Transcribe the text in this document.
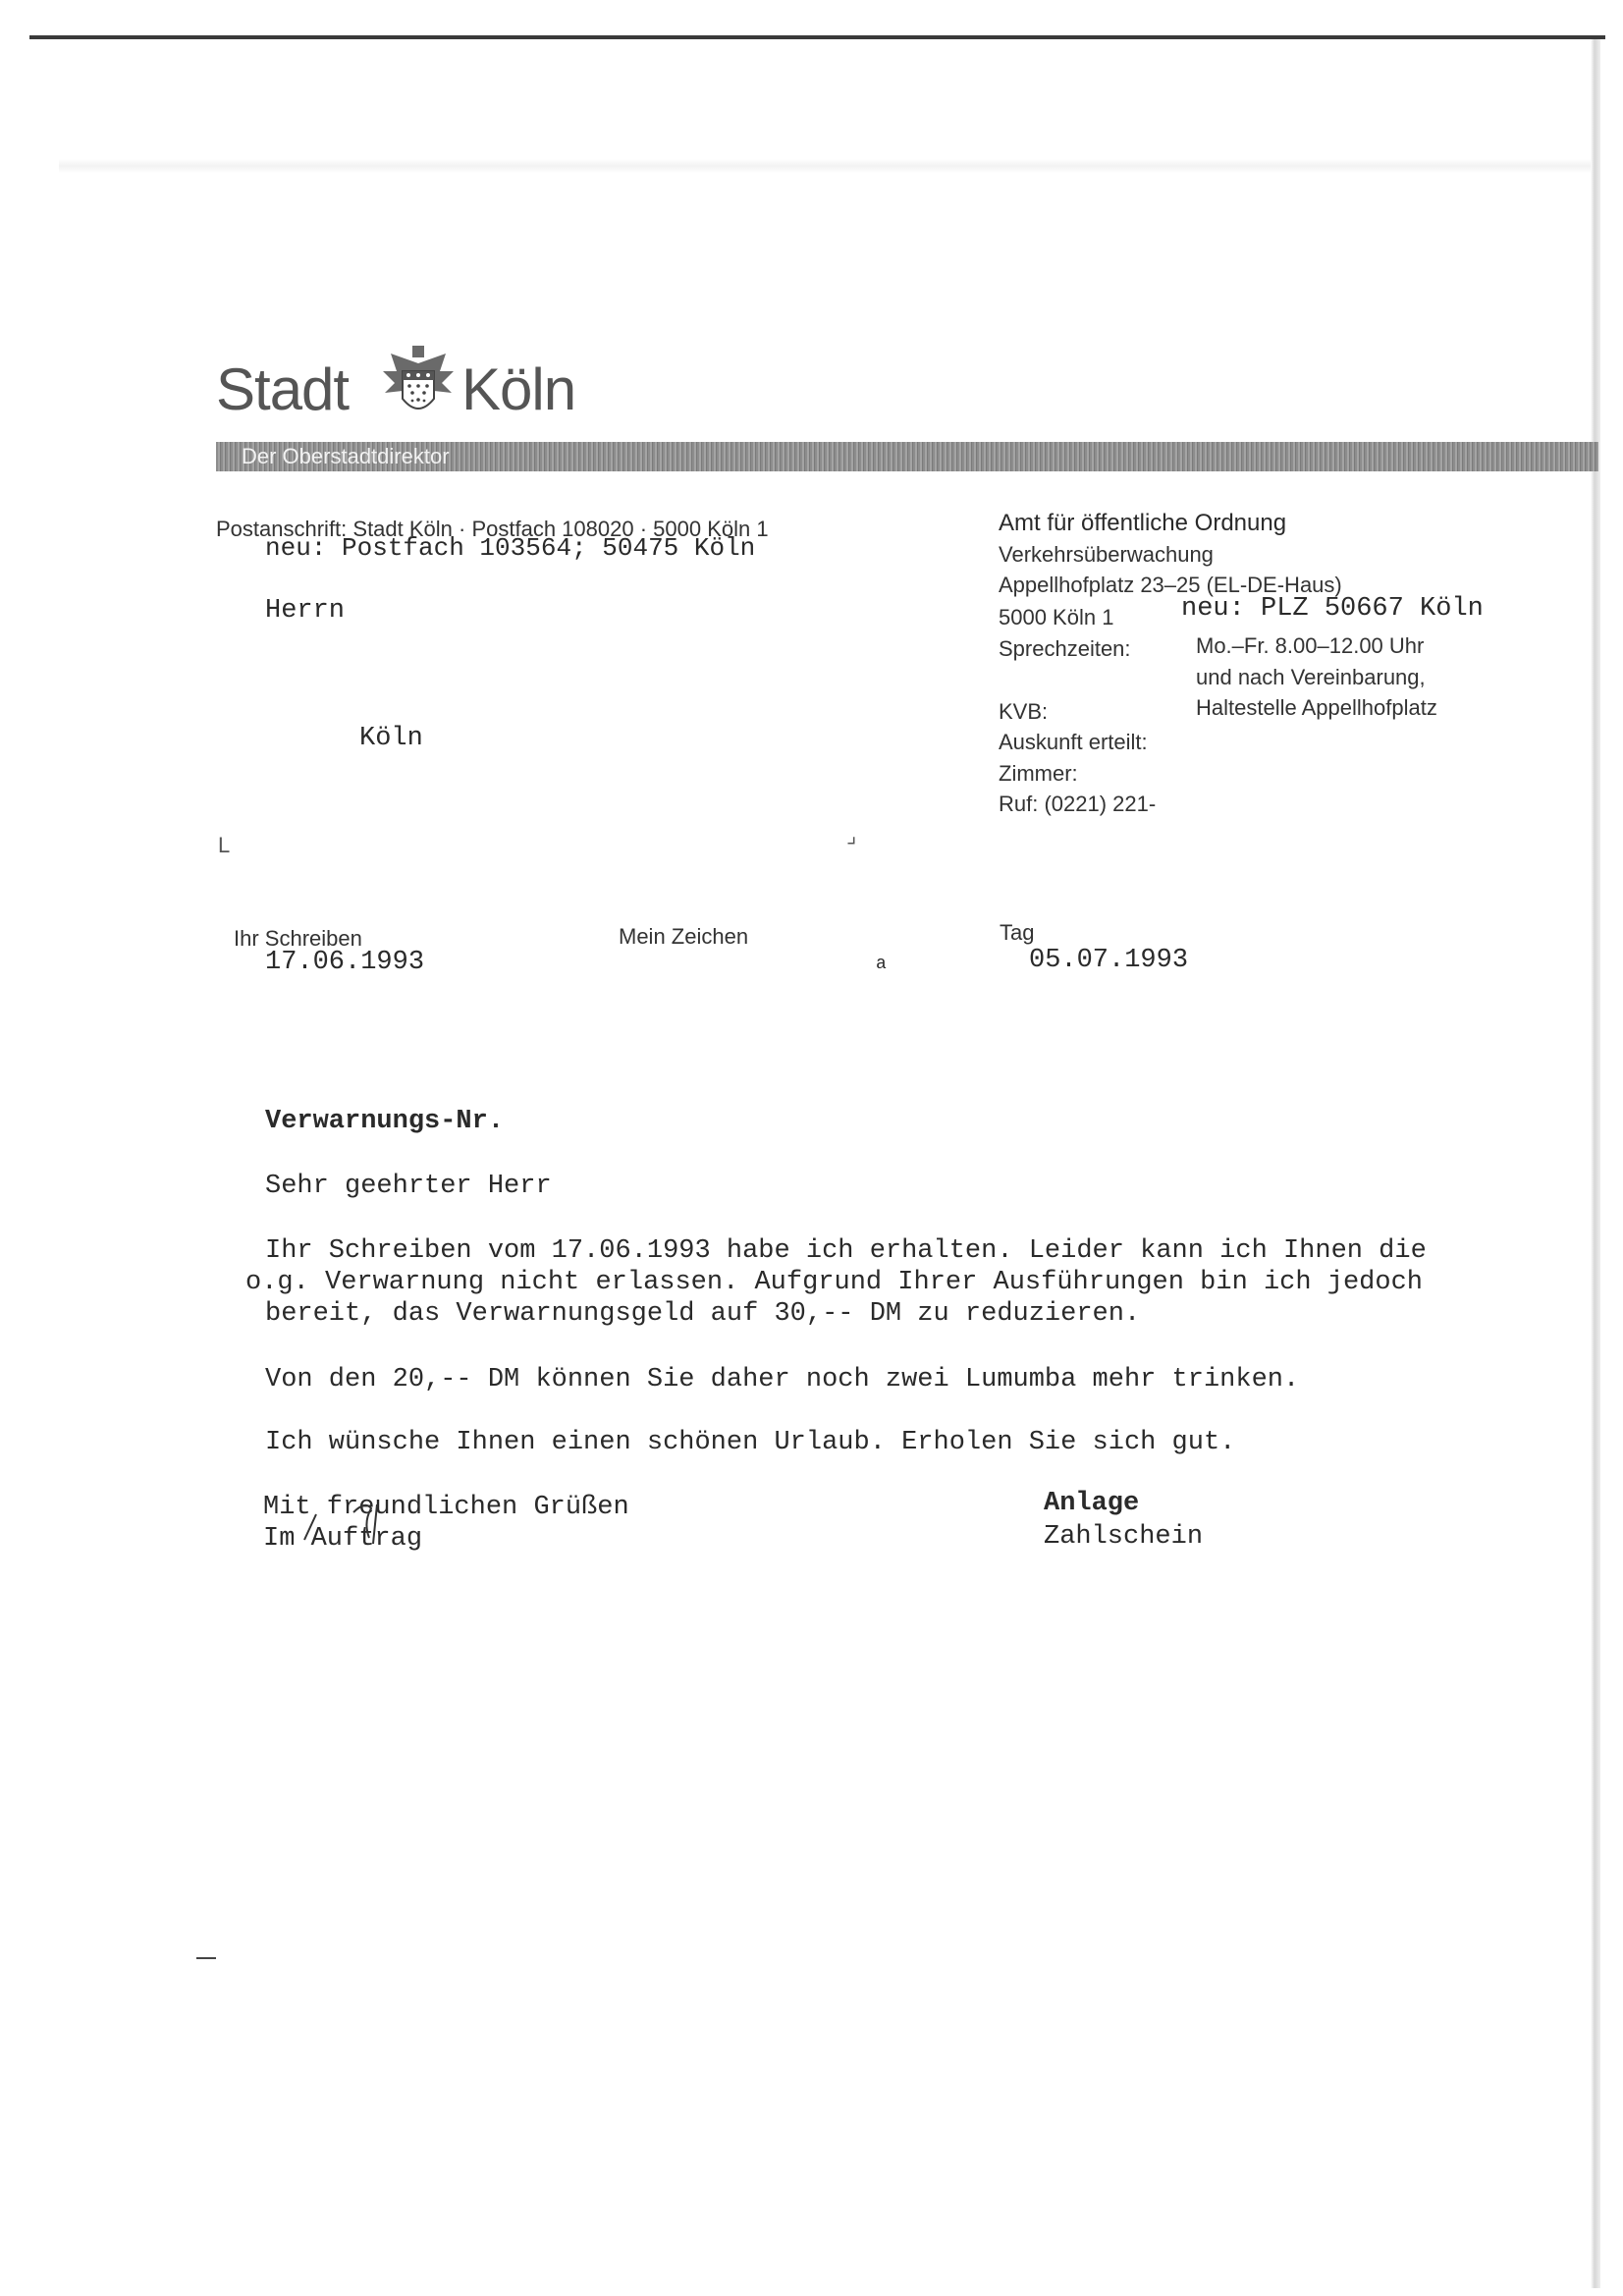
Stadt Köln
Der Oberstadtdirektor
Postanschrift: Stadt Köln · Postfach 108020 · 5000 Köln 1
neu: Postfach 103564; 50475 Köln
Herrn
Köln
L	⌟
Amt für öffentliche Ordnung
Verkehrsüberwachung
Appellhofplatz 23–25 (EL-DE-Haus)
5000 Köln 1	neu: PLZ 50667 Köln
Sprechzeiten:	Mo.–Fr. 8.00–12.00 Uhr
und nach Vereinbarung,
KVB:	Haltestelle Appellhofplatz
Auskunft erteilt:
Zimmer:
Ruf: (0221) 221-
Ihr Schreiben
17.06.1993
Mein Zeichen
a
Tag
05.07.1993
Verwarnungs-Nr.
Sehr geehrter Herr
Ihr Schreiben vom 17.06.1993 habe ich erhalten. Leider kann ich Ihnen die
o.g. Verwarnung nicht erlassen. Aufgrund Ihrer Ausführungen bin ich jedoch
bereit, das Verwarnungsgeld auf 30,-- DM zu reduzieren.
Von den 20,-- DM können Sie daher noch zwei Lumumba mehr trinken.
Ich wünsche Ihnen einen schönen Urlaub. Erholen Sie sich gut.
Mit freundlichen Grüßen
Im Auftrag
Anlage
Zahlschein
